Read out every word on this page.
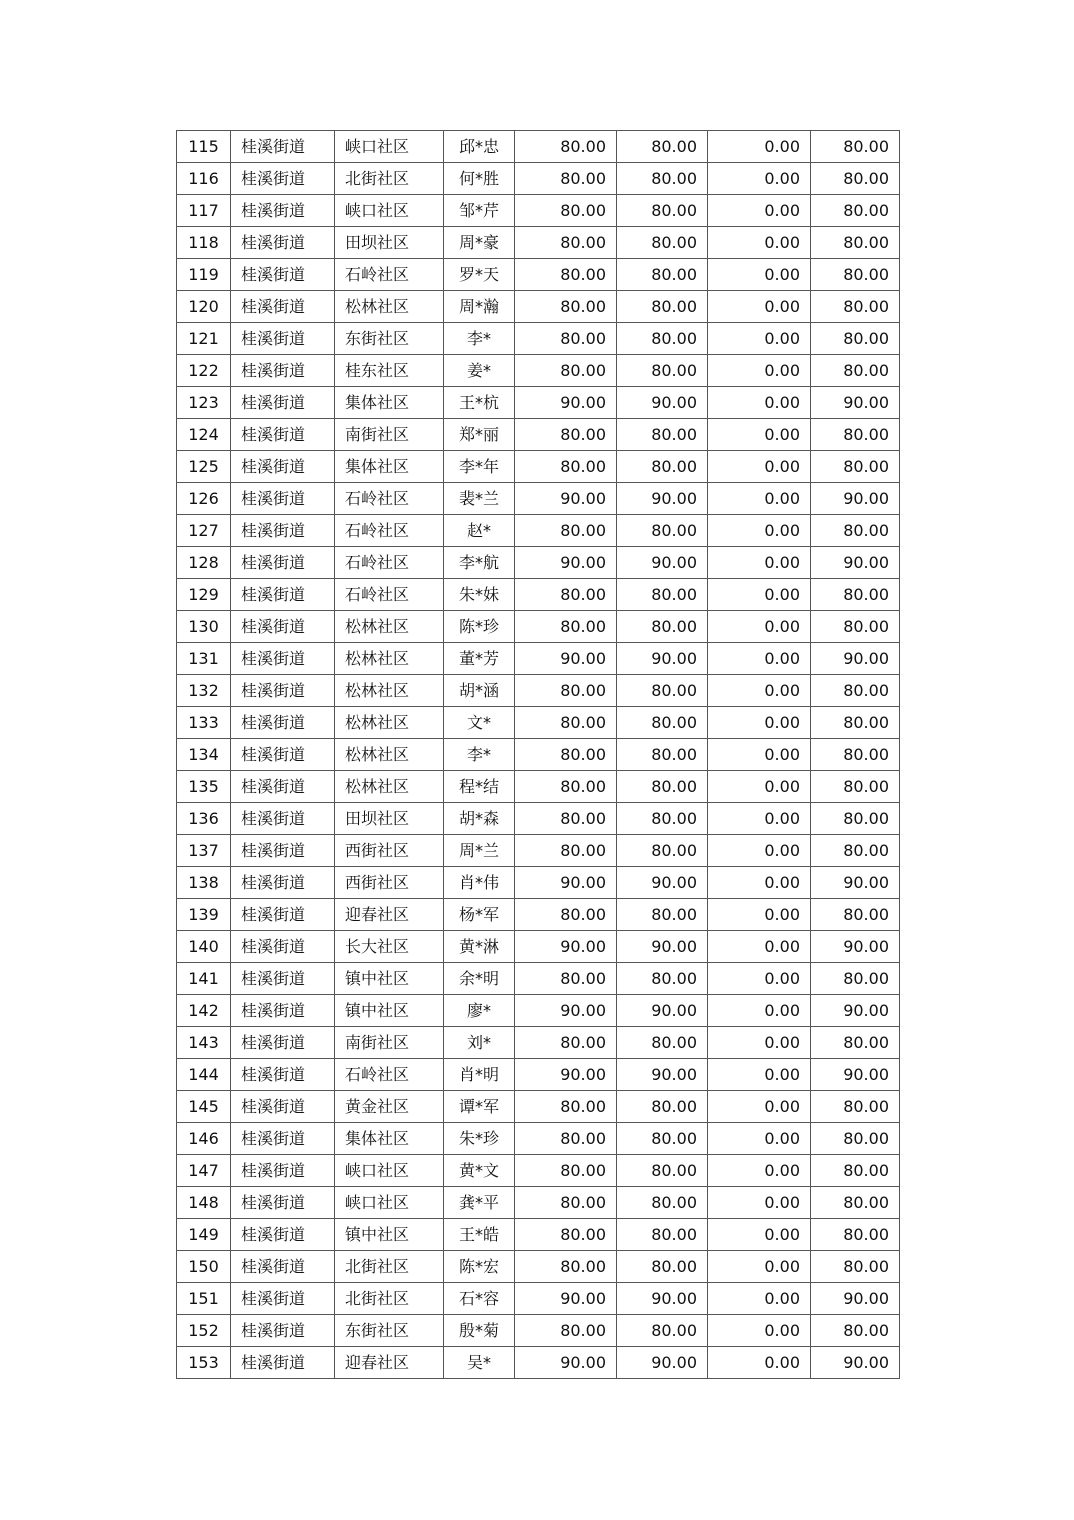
115	桂溪街道	峡口社区	邱*忠	80.00	80.00	0.00	80.00
116	桂溪街道	北街社区	何*胜	80.00	80.00	0.00	80.00
117	桂溪街道	峡口社区	邹*芹	80.00	80.00	0.00	80.00
118	桂溪街道	田坝社区	周*豪	80.00	80.00	0.00	80.00
119	桂溪街道	石岭社区	罗*天	80.00	80.00	0.00	80.00
120	桂溪街道	松林社区	周*瀚	80.00	80.00	0.00	80.00
121	桂溪街道	东街社区	李*	80.00	80.00	0.00	80.00
122	桂溪街道	桂东社区	姜*	80.00	80.00	0.00	80.00
123	桂溪街道	集体社区	王*杭	90.00	90.00	0.00	90.00
124	桂溪街道	南街社区	郑*丽	80.00	80.00	0.00	80.00
125	桂溪街道	集体社区	李*年	80.00	80.00	0.00	80.00
126	桂溪街道	石岭社区	裴*兰	90.00	90.00	0.00	90.00
127	桂溪街道	石岭社区	赵*	80.00	80.00	0.00	80.00
128	桂溪街道	石岭社区	李*航	90.00	90.00	0.00	90.00
129	桂溪街道	石岭社区	朱*妹	80.00	80.00	0.00	80.00
130	桂溪街道	松林社区	陈*珍	80.00	80.00	0.00	80.00
131	桂溪街道	松林社区	董*芳	90.00	90.00	0.00	90.00
132	桂溪街道	松林社区	胡*涵	80.00	80.00	0.00	80.00
133	桂溪街道	松林社区	文*	80.00	80.00	0.00	80.00
134	桂溪街道	松林社区	李*	80.00	80.00	0.00	80.00
135	桂溪街道	松林社区	程*结	80.00	80.00	0.00	80.00
136	桂溪街道	田坝社区	胡*森	80.00	80.00	0.00	80.00
137	桂溪街道	西街社区	周*兰	80.00	80.00	0.00	80.00
138	桂溪街道	西街社区	肖*伟	90.00	90.00	0.00	90.00
139	桂溪街道	迎春社区	杨*军	80.00	80.00	0.00	80.00
140	桂溪街道	长大社区	黄*淋	90.00	90.00	0.00	90.00
141	桂溪街道	镇中社区	余*明	80.00	80.00	0.00	80.00
142	桂溪街道	镇中社区	廖*	90.00	90.00	0.00	90.00
143	桂溪街道	南街社区	刘*	80.00	80.00	0.00	80.00
144	桂溪街道	石岭社区	肖*明	90.00	90.00	0.00	90.00
145	桂溪街道	黄金社区	谭*军	80.00	80.00	0.00	80.00
146	桂溪街道	集体社区	朱*珍	80.00	80.00	0.00	80.00
147	桂溪街道	峡口社区	黄*文	80.00	80.00	0.00	80.00
148	桂溪街道	峡口社区	龚*平	80.00	80.00	0.00	80.00
149	桂溪街道	镇中社区	王*皓	80.00	80.00	0.00	80.00
150	桂溪街道	北街社区	陈*宏	80.00	80.00	0.00	80.00
151	桂溪街道	北街社区	石*容	90.00	90.00	0.00	90.00
152	桂溪街道	东街社区	殷*菊	80.00	80.00	0.00	80.00
153	桂溪街道	迎春社区	吴*	90.00	90.00	0.00	90.00
